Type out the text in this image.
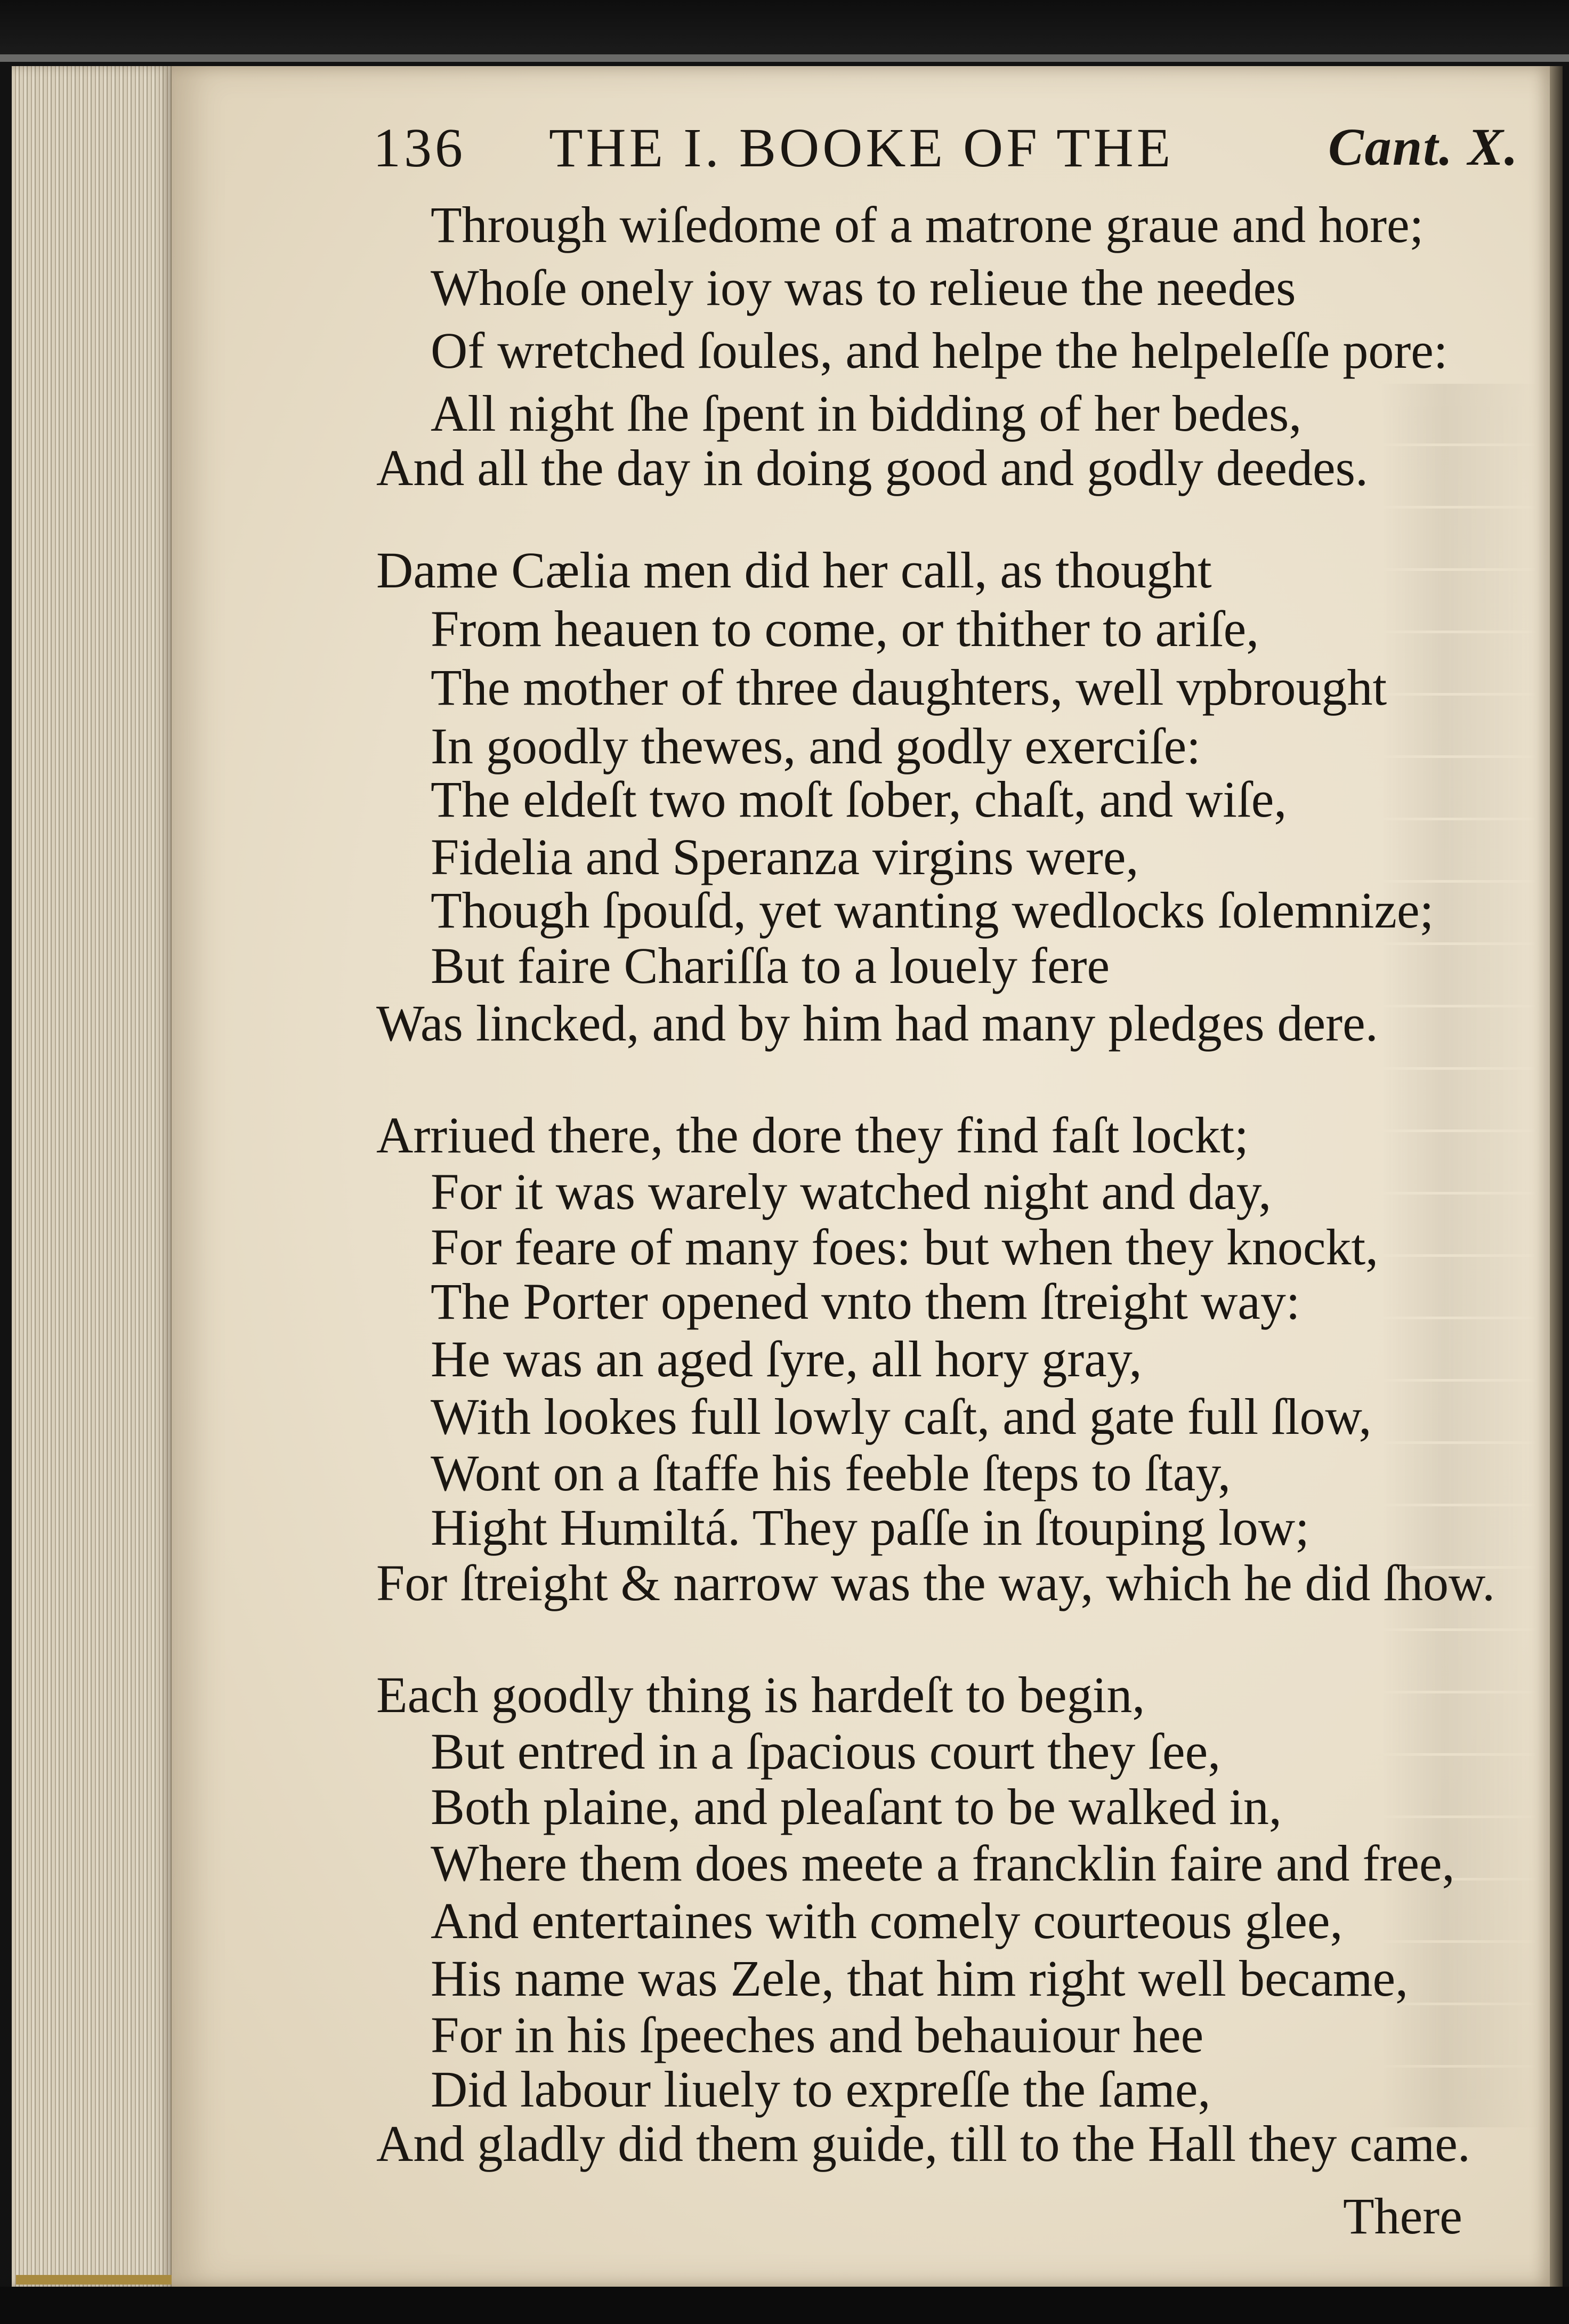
136 THE I. BOOKE OF THE	Cant. X.
Through wiſedome of a matrone graue and hore;
Whoſe onely ioy was to relieue the needes
Of wretched ſoules, and helpe the helpeleſſe pore:
All night ſhe ſpent in bidding of her bedes,
And all the day in doing good and godly deedes.
Dame Cælia men did her call, as thought
From heauen to come, or thither to ariſe,
The mother of three daughters, well vpbrought
In goodly thewes, and godly exerciſe:
The eldeſt two moſt ſober, chaſt, and wiſe,
Fidelia and Speranza virgins were,
Though ſpouſd, yet wanting wedlocks ſolemnize;
But faire Chariſſa to a louely fere
Was lincked, and by him had many pledges dere.
Arriued there, the dore they find faſt lockt;
For it was warely watched night and day,
For feare of many foes: but when they knockt,
The Porter opened vnto them ſtreight way:
He was an aged ſyre, all hory gray,
With lookes full lowly caſt, and gate full ſlow,
Wont on a ſtaffe his feeble ſteps to ſtay,
Hight Humiltá. They paſſe in ſtouping low;
For ſtreight & narrow was the way, which he did ſhow.
Each goodly thing is hardeſt to begin,
But entred in a ſpacious court they ſee,
Both plaine, and pleaſant to be walked in,
Where them does meete a francklin faire and free,
And entertaines with comely courteous glee,
His name was Zele, that him right well became,
For in his ſpeeches and behauiour hee
Did labour liuely to expreſſe the ſame,
And gladly did them guide, till to the Hall they came.
There
